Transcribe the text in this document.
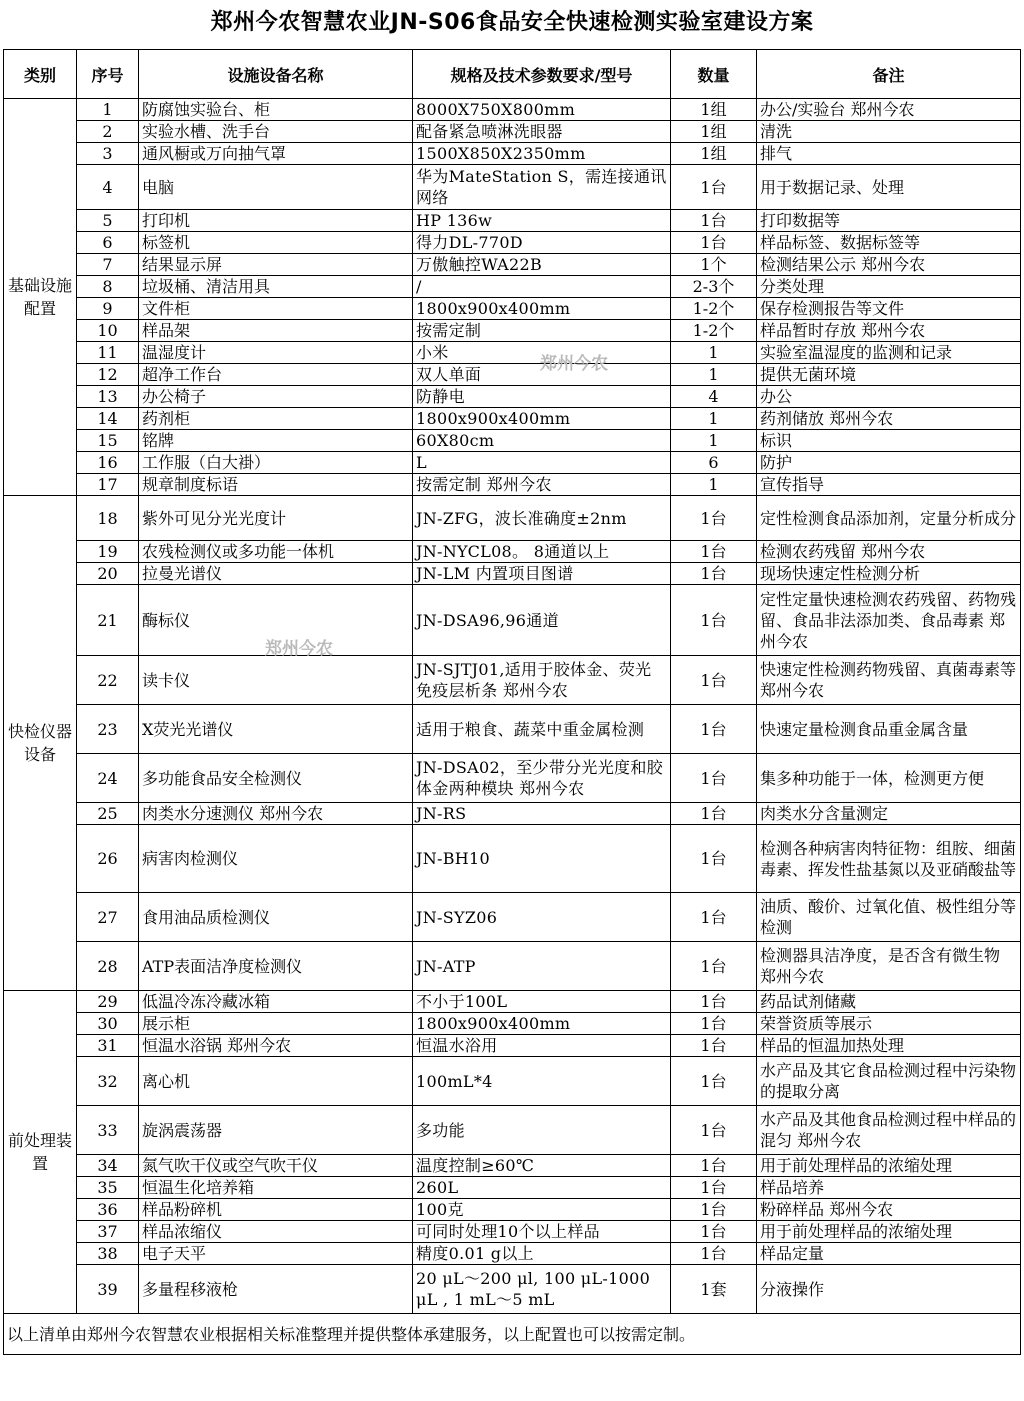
郑州今农智慧农业JN-S06食品安全快速检测实验室建设方案
类别	序号	设施设备名称	规格及技术参数要求/型号	数量	备注
基础设施配置	1	防腐蚀实验台、柜	8000X750X800mm	1组	办公/实验台 郑州今农
	2	实验水槽、洗手台	配备紧急喷淋洗眼器	1组	清洗
	3	通风橱或万向抽气罩	1500X850X2350mm	1组	排气
	4	电脑	华为MateStation S，需连接通讯网络	1台	用于数据记录、处理
	5	打印机	HP 136w	1台	打印数据等
	6	标签机	得力DL-770D	1台	样品标签、数据标签等
	7	结果显示屏	万傲触控WA22B	1个	检测结果公示 郑州今农
	8	垃圾桶、清洁用具	/	2-3个	分类处理
	9	文件柜	1800x900x400mm	1-2个	保存检测报告等文件
	10	样品架	按需定制	1-2个	样品暂时存放 郑州今农
	11	温湿度计	小米	1	实验室温湿度的监测和记录
	12	超净工作台	双人单面	1	提供无菌环境
	13	办公椅子	防静电	4	办公
	14	药剂柜	1800x900x400mm	1	药剂储放 郑州今农
	15	铭牌	60X80cm	1	标识
	16	工作服（白大褂）	L	6	防护
	17	规章制度标语	按需定制 郑州今农	1	宣传指导
快检仪器设备	18	紫外可见分光光度计	JN-ZFG，波长准确度±2nm	1台	定性检测食品添加剂，定量分析成分
	19	农残检测仪或多功能一体机	JN-NYCL08。 8通道以上	1台	检测农药残留 郑州今农
	20	拉曼光谱仪	JN-LM 内置项目图谱	1台	现场快速定性检测分析
	21	酶标仪	JN-DSA96,96通道	1台	定性定量快速检测农药残留、药物残留、食品非法添加类、食品毒素 郑州今农
	22	读卡仪	JN-SJTJ01,适用于胶体金、荧光免疫层析条 郑州今农	1台	快速定性检测药物残留、真菌毒素等 郑州今农
	23	X荧光光谱仪	适用于粮食、蔬菜中重金属检测	1台	快速定量检测食品重金属含量
	24	多功能食品安全检测仪	JN-DSA02，至少带分光光度和胶体金两种模块 郑州今农	1台	集多种功能于一体，检测更方便
	25	肉类水分速测仪 郑州今农	JN-RS	1台	肉类水分含量测定
	26	病害肉检测仪	JN-BH10	1台	检测各种病害肉特征物：组胺、细菌毒素、挥发性盐基氮以及亚硝酸盐等
	27	食用油品质检测仪	JN-SYZ06	1台	油质、酸价、过氧化值、极性组分等检测
	28	ATP表面洁净度检测仪	JN-ATP	1台	检测器具洁净度，是否含有微生物 郑州今农
前处理装置	29	低温冷冻冷藏冰箱	不小于100L	1台	药品试剂储藏
	30	展示柜	1800x900x400mm	1台	荣誉资质等展示
	31	恒温水浴锅 郑州今农	恒温水浴用	1台	样品的恒温加热处理
	32	离心机	100mL*4	1台	水产品及其它食品检测过程中污染物的提取分离
	33	旋涡震荡器	多功能	1台	水产品及其他食品检测过程中样品的混匀 郑州今农
	34	氮气吹干仪或空气吹干仪	温度控制≥60℃	1台	用于前处理样品的浓缩处理
	35	恒温生化培养箱	260L	1台	样品培养
	36	样品粉碎机	100克	1台	粉碎样品 郑州今农
	37	样品浓缩仪	可同时处理10个以上样品	1台	用于前处理样品的浓缩处理
	38	电子天平	精度0.01 g以上	1台	样品定量
	39	多量程移液枪	20 μL～200 μl, 100 μL-1000 μL , 1 mL～5 mL	1套	分液操作
以上清单由郑州今农智慧农业根据相关标准整理并提供整体承建服务，以上配置也可以按需定制。					
郑州今农
郑州今农
